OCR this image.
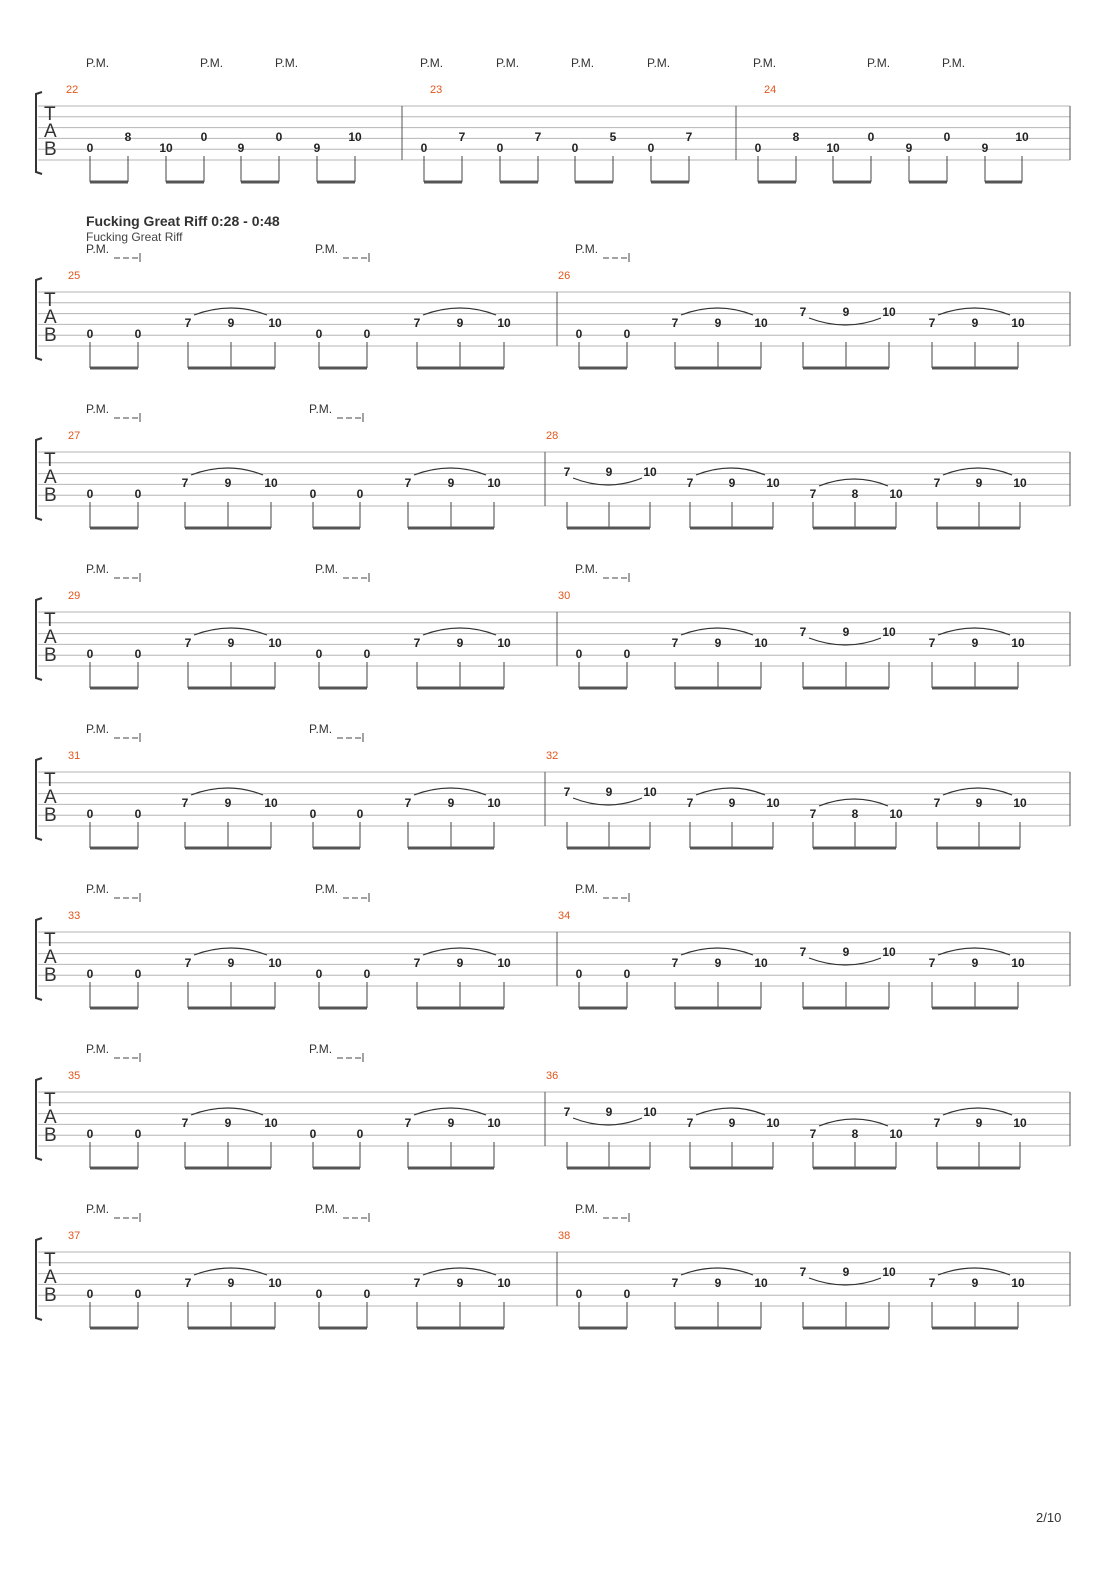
Fucking Great Riff 0:28 - 0:48
Fucking Great Riff
T
A
B
22
0
8
10
0
9
0
9
10
P.M.	P.M.	P.M.
23
0
7
0
7
0
5
0
7
P.M.	P.M.	P.M.	P.M.
24
0
8
10
0
9
0
9
10
P.M.	P.M.	P.M.
T
A
B
25
0	0
7	9	10
0	0
7	9	10
P.M.	P.M.
26
0	0
7	9	10
7	9	10
7	9	10
P.M.
T
A
B
27
0	0
7	9	10
0	0
7	9	10
P.M.	P.M.
28
7	9	10
7	9	10
7	8	10
7	9	10
T
A
B
29
0	0
7	9	10
0	0
7	9	10
P.M.	P.M.
30
0	0
7	9	10
7	9	10
7	9	10
P.M.
T
A
B
31
0	0
7	9	10
0	0
7	9	10
P.M.	P.M.
32
7	9	10
7	9	10
7	8	10
7	9	10
T
A
B
33
0	0
7	9	10
0	0
7	9	10
P.M.	P.M.
34
0	0
7	9	10
7	9	10
7	9	10
P.M.
T
A
B
35
0	0
7	9	10
0	0
7	9	10
P.M.	P.M.
36
7	9	10
7	9	10
7	8	10
7	9	10
T
A
B
37
0	0
7	9	10
0	0
7	9	10
P.M.	P.M.
38
0	0
7	9	10
7	9	10
7	9	10
P.M.
2/10
